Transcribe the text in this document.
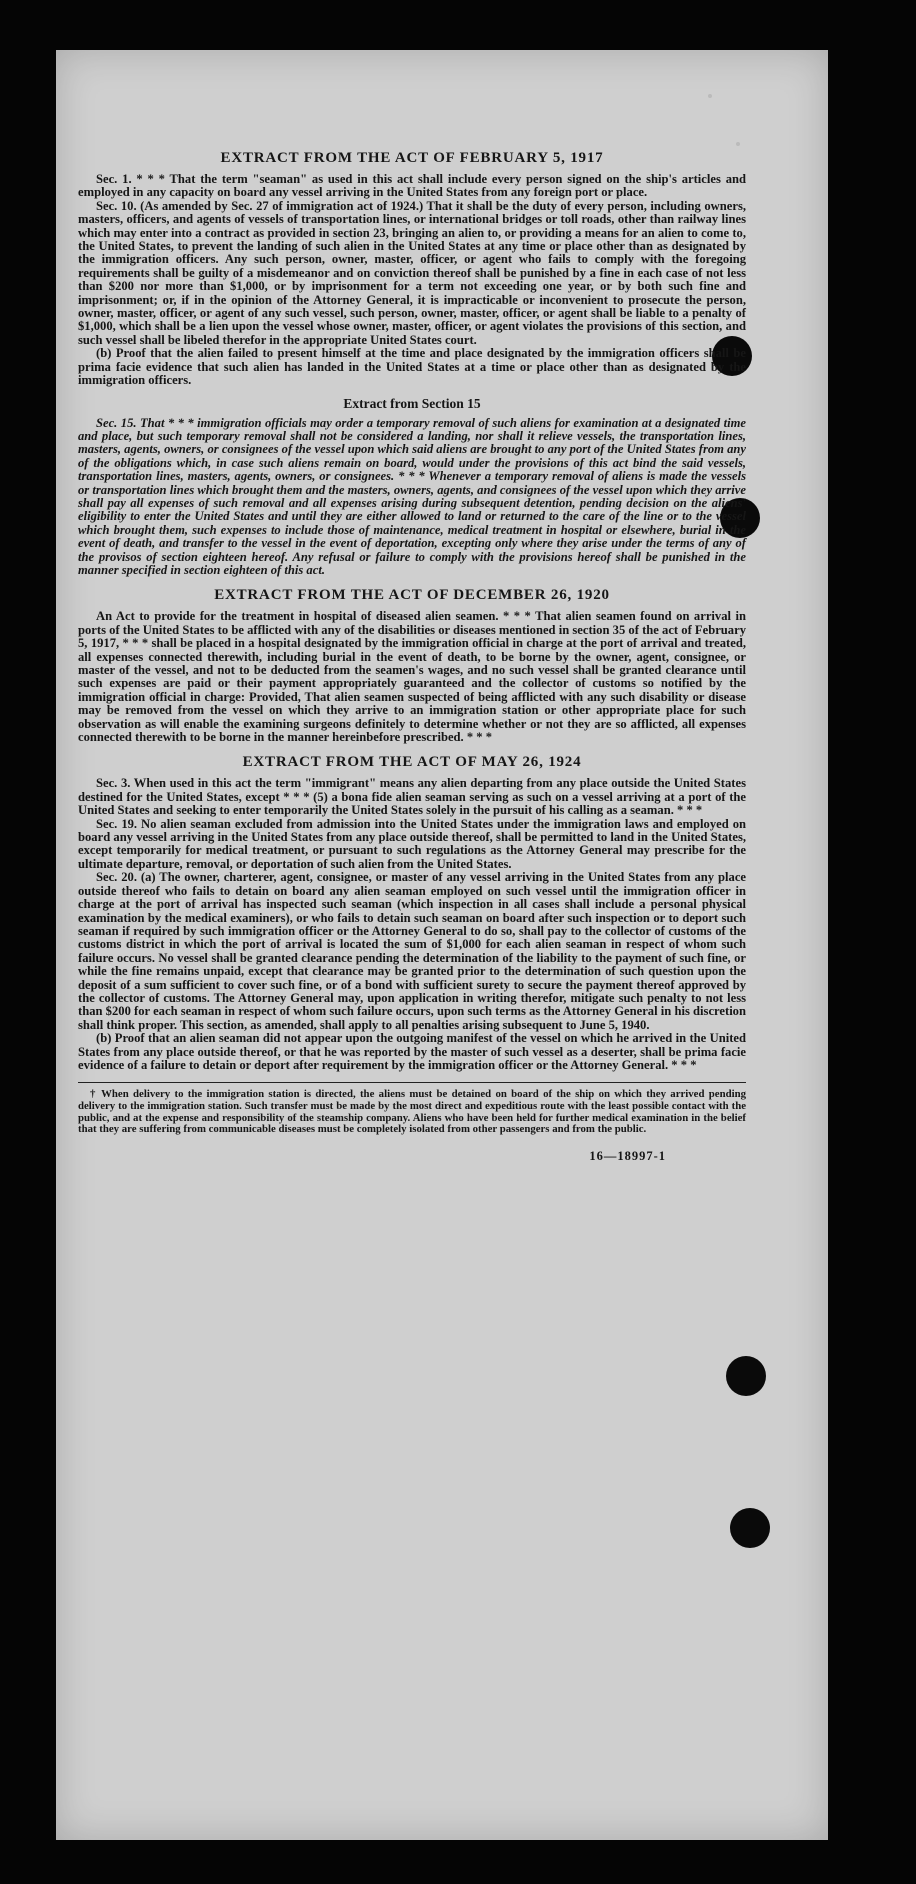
EXTRACT FROM THE ACT OF FEBRUARY 5, 1917

Sec. 1. * * * That the term "seaman" as used in this act shall include every person signed on the ship's articles and employed in any capacity on board any vessel arriving in the United States from any foreign port or place.

Sec. 10. (As amended by Sec. 27 of immigration act of 1924.) That it shall be the duty of every person, including owners, masters, officers, and agents of vessels of transportation lines, or international bridges or toll roads, other than railway lines which may enter into a contract as provided in section 23, bringing an alien to, or providing a means for an alien to come to, the United States, to prevent the landing of such alien in the United States at any time or place other than as designated by the immigration officers. Any such person, owner, master, officer, or agent who fails to comply with the foregoing requirements shall be guilty of a misdemeanor and on conviction thereof shall be punished by a fine in each case of not less than $200 nor more than $1,000, or by imprisonment for a term not exceeding one year, or by both such fine and imprisonment; or, if in the opinion of the Attorney General, it is impracticable or inconvenient to prosecute the person, owner, master, officer, or agent of any such vessel, such person, owner, master, officer, or agent shall be liable to a penalty of $1,000, which shall be a lien upon the vessel whose owner, master, officer, or agent violates the provisions of this section, and such vessel shall be libeled therefor in the appropriate United States court.

(b) Proof that the alien failed to present himself at the time and place designated by the immigration officers shall be prima facie evidence that such alien has landed in the United States at a time or place other than as designated by the immigration officers.

Extract from Section 15

Sec. 15. That * * * immigration officials may order a temporary removal of such aliens for examination at a designated time and place, but such temporary removal shall not be considered a landing, nor shall it relieve vessels, the transportation lines, masters, agents, owners, or consignees of the vessel upon which said aliens are brought to any port of the United States from any of the obligations which, in case such aliens remain on board, would under the provisions of this act bind the said vessels, transportation lines, masters, agents, owners, or consignees. * * * Whenever a temporary removal of aliens is made the vessels or transportation lines which brought them and the masters, owners, agents, and consignees of the vessel upon which they arrive shall pay all expenses of such removal and all expenses arising during subsequent detention, pending decision on the aliens' eligibility to enter the United States and until they are either allowed to land or returned to the care of the line or to the vessel which brought them, such expenses to include those of maintenance, medical treatment in hospital or elsewhere, burial in the event of death, and transfer to the vessel in the event of deportation, excepting only where they arise under the terms of any of the provisos of section eighteen hereof. Any refusal or failure to comply with the provisions hereof shall be punished in the manner specified in section eighteen of this act.

EXTRACT FROM THE ACT OF DECEMBER 26, 1920

An Act to provide for the treatment in hospital of diseased alien seamen. * * * That alien seamen found on arrival in ports of the United States to be afflicted with any of the disabilities or diseases mentioned in section 35 of the act of February 5, 1917, * * * shall be placed in a hospital designated by the immigration official in charge at the port of arrival and treated, all expenses connected therewith, including burial in the event of death, to be borne by the owner, agent, consignee, or master of the vessel, and not to be deducted from the seamen's wages, and no such vessel shall be granted clearance until such expenses are paid or their payment appropriately guaranteed and the collector of customs so notified by the immigration official in charge: Provided, That alien seamen suspected of being afflicted with any such disability or disease may be removed from the vessel on which they arrive to an immigration station or other appropriate place for such observation as will enable the examining surgeons definitely to determine whether or not they are so afflicted, all expenses connected therewith to be borne in the manner hereinbefore prescribed. * * *

EXTRACT FROM THE ACT OF MAY 26, 1924

Sec. 3. When used in this act the term "immigrant" means any alien departing from any place outside the United States destined for the United States, except * * * (5) a bona fide alien seaman serving as such on a vessel arriving at a port of the United States and seeking to enter temporarily the United States solely in the pursuit of his calling as a seaman. * * *

Sec. 19. No alien seaman excluded from admission into the United States under the immigration laws and employed on board any vessel arriving in the United States from any place outside thereof, shall be permitted to land in the United States, except temporarily for medical treatment, or pursuant to such regulations as the Attorney General may prescribe for the ultimate departure, removal, or deportation of such alien from the United States.

Sec. 20. (a) The owner, charterer, agent, consignee, or master of any vessel arriving in the United States from any place outside thereof who fails to detain on board any alien seaman employed on such vessel until the immigration officer in charge at the port of arrival has inspected such seaman (which inspection in all cases shall include a personal physical examination by the medical examiners), or who fails to detain such seaman on board after such inspection or to deport such seaman if required by such immigration officer or the Attorney General to do so, shall pay to the collector of customs of the customs district in which the port of arrival is located the sum of $1,000 for each alien seaman in respect of whom such failure occurs. No vessel shall be granted clearance pending the determination of the liability to the payment of such fine, or while the fine remains unpaid, except that clearance may be granted prior to the determination of such question upon the deposit of a sum sufficient to cover such fine, or of a bond with sufficient surety to secure the payment thereof approved by the collector of customs. The Attorney General may, upon application in writing therefor, mitigate such penalty to not less than $200 for each seaman in respect of whom such failure occurs, upon such terms as the Attorney General in his discretion shall think proper. This section, as amended, shall apply to all penalties arising subsequent to June 5, 1940.

(b) Proof that an alien seaman did not appear upon the outgoing manifest of the vessel on which he arrived in the United States from any place outside thereof, or that he was reported by the master of such vessel as a deserter, shall be prima facie evidence of a failure to detain or deport after requirement by the immigration officer or the Attorney General. * * *

† When delivery to the immigration station is directed, the aliens must be detained on board of the ship on which they arrived pending delivery to the immigration station. Such transfer must be made by the most direct and expeditious route with the least possible contact with the public, and at the expense and responsibility of the steamship company. Aliens who have been held for further medical examination in the belief that they are suffering from communicable diseases must be completely isolated from other passengers and from the public.

16—18997-1
